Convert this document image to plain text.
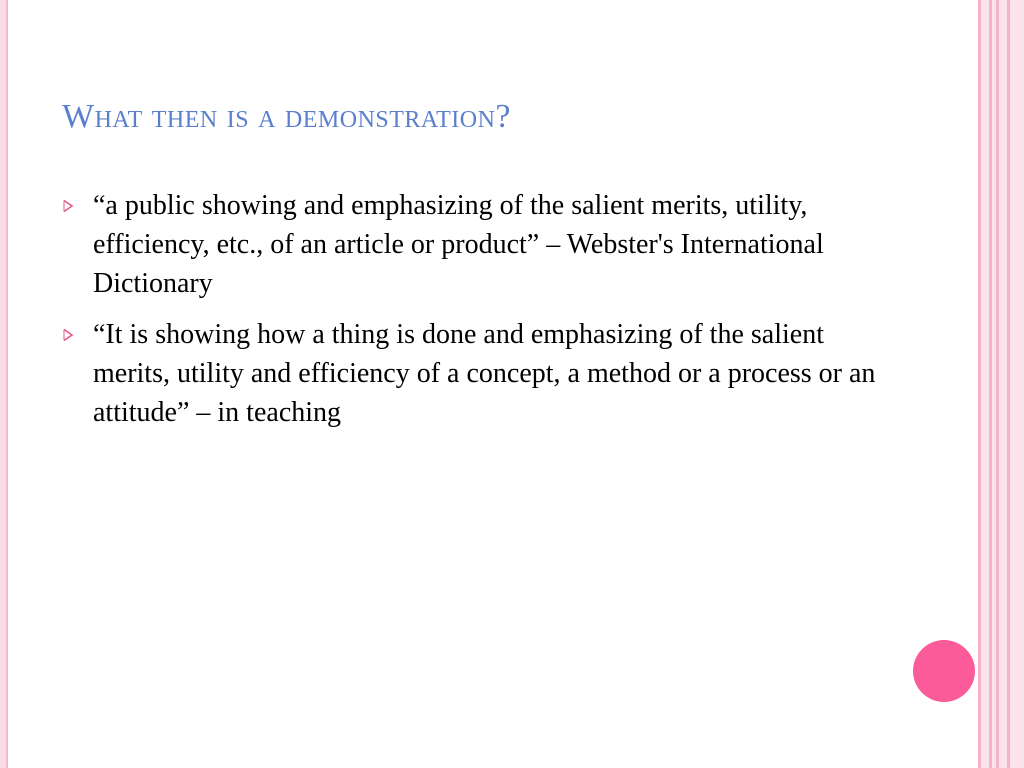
What then is a demonstration?
“a public showing and emphasizing of the salient merits, utility, efficiency, etc., of an article or product” – Webster's International Dictionary
“It is showing how a thing is done and emphasizing of the salient merits, utility and efficiency of a concept, a method or a process or an attitude” – in teaching
